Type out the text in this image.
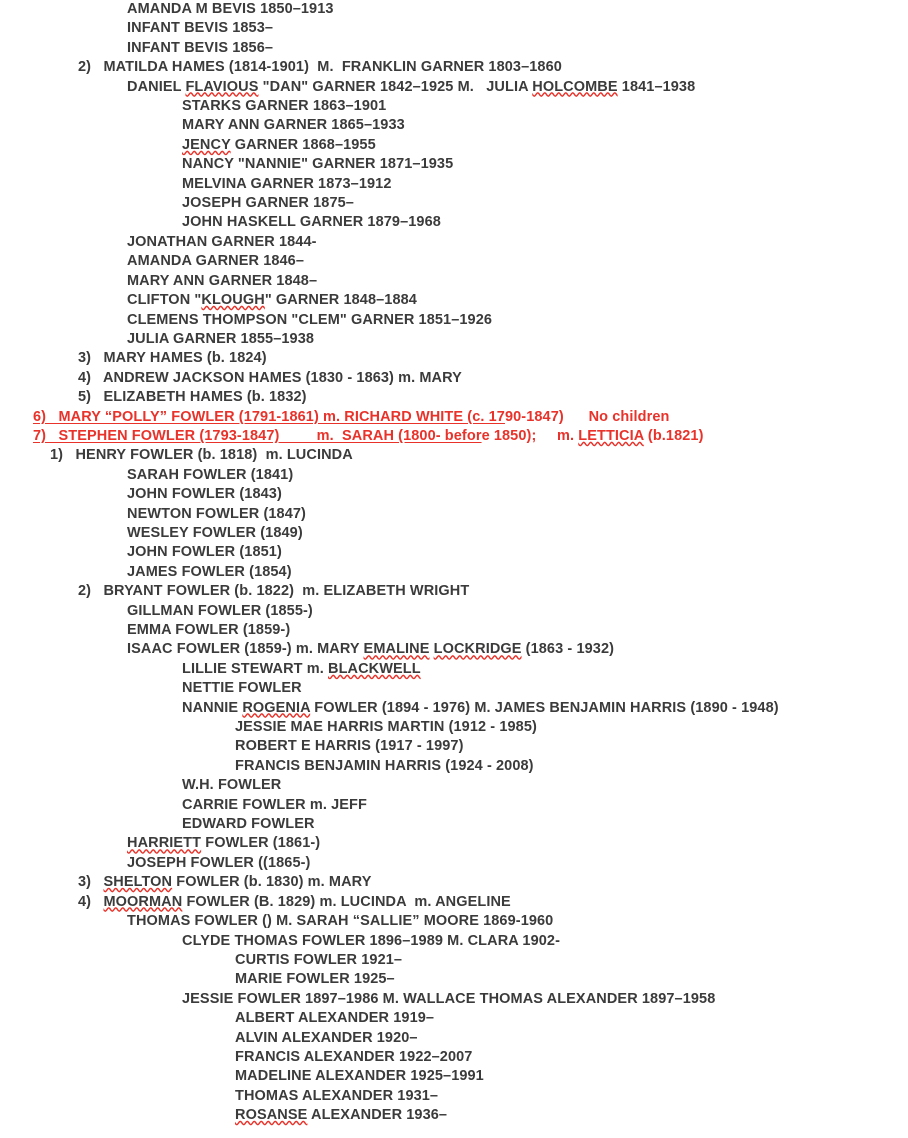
AMANDA M BEVIS 1850–1913
INFANT BEVIS 1853–
INFANT BEVIS 1856–
2)   MATILDA HAMES (1814-1901)  M.  FRANKLIN GARNER 1803–1860
DANIEL FLAVIOUS "DAN" GARNER 1842–1925 M.   JULIA HOLCOMBE 1841–1938
STARKS GARNER 1863–1901
MARY ANN GARNER 1865–1933
JENCY GARNER 1868–1955
NANCY "NANNIE" GARNER 1871–1935
MELVINA GARNER 1873–1912
JOSEPH GARNER 1875–
JOHN HASKELL GARNER 1879–1968
JONATHAN GARNER 1844-
AMANDA GARNER 1846–
MARY ANN GARNER 1848–
CLIFTON "KLOUGH" GARNER 1848–1884
CLEMENS THOMPSON "CLEM" GARNER 1851–1926
JULIA GARNER 1855–1938
3)   MARY HAMES (b. 1824)
4)   ANDREW JACKSON HAMES (1830 - 1863) m. MARY
5)   ELIZABETH HAMES (b. 1832)
6)   MARY “POLLY” FOWLER (1791-1861) m. RICHARD WHITE (c. 1790-1847)      No children
7)   STEPHEN FOWLER (1793-1847)         m.  SARAH (1800- before 1850);     m. LETTICIA (b.1821)
1)   HENRY FOWLER (b. 1818)  m. LUCINDA
SARAH FOWLER (1841)
JOHN FOWLER (1843)
NEWTON FOWLER (1847)
WESLEY FOWLER (1849)
JOHN FOWLER (1851)
JAMES FOWLER (1854)
2)   BRYANT FOWLER (b. 1822)  m. ELIZABETH WRIGHT
GILLMAN FOWLER (1855-)
EMMA FOWLER (1859-)
ISAAC FOWLER (1859-) m. MARY EMALINE LOCKRIDGE (1863 - 1932)
LILLIE STEWART m. BLACKWELL
NETTIE FOWLER
NANNIE ROGENIA FOWLER (1894 - 1976) M. JAMES BENJAMIN HARRIS (1890 - 1948)
JESSIE MAE HARRIS MARTIN (1912 - 1985)
ROBERT E HARRIS (1917 - 1997)
FRANCIS BENJAMIN HARRIS (1924 - 2008)
W.H. FOWLER
CARRIE FOWLER m. JEFF
EDWARD FOWLER
HARRIETT FOWLER (1861-)
JOSEPH FOWLER ((1865-)
3)   SHELTON FOWLER (b. 1830) m. MARY
4)   MOORMAN FOWLER (B. 1829) m. LUCINDA  m. ANGELINE
THOMAS FOWLER () M. SARAH “SALLIE” MOORE 1869-1960
CLYDE THOMAS FOWLER 1896–1989 M. CLARA 1902-
CURTIS FOWLER 1921–
MARIE FOWLER 1925–
JESSIE FOWLER 1897–1986 M. WALLACE THOMAS ALEXANDER 1897–1958
ALBERT ALEXANDER 1919–
ALVIN ALEXANDER 1920–
FRANCIS ALEXANDER 1922–2007
MADELINE ALEXANDER 1925–1991
THOMAS ALEXANDER 1931–
ROSANSE ALEXANDER 1936–
